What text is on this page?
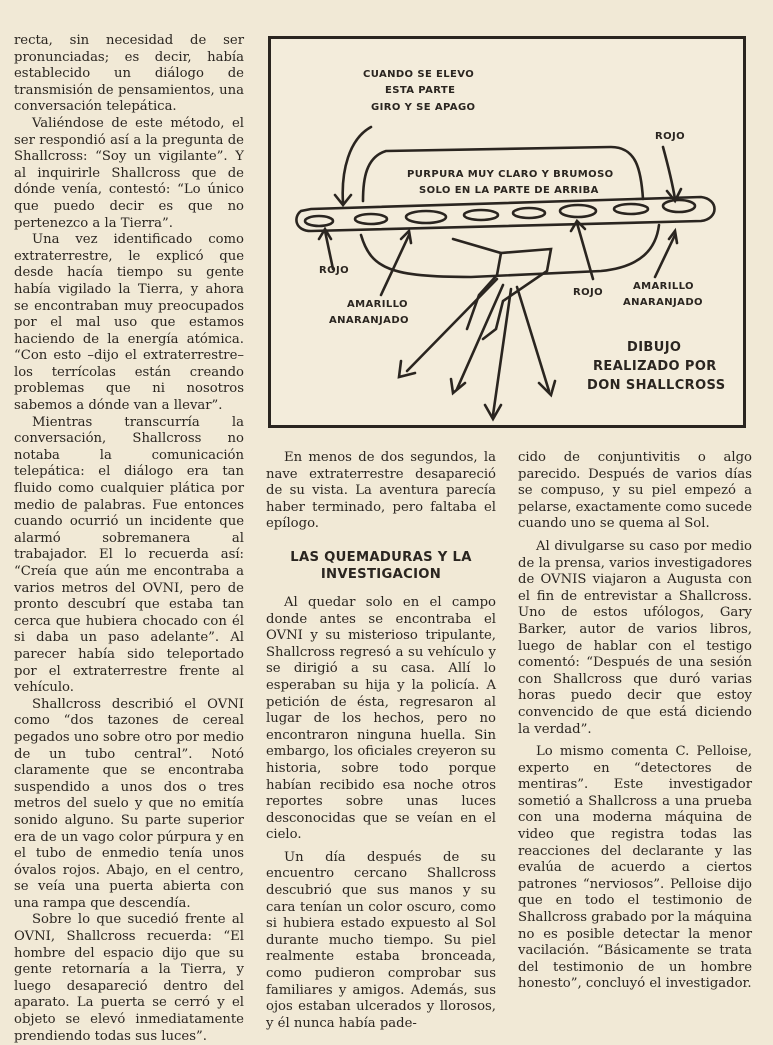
recta, sin necesidad de ser pronunciadas; es decir, había establecido un diálogo de transmisión de pensamientos, una conversación telepática.

Valiéndose de este método, el ser respondió así a la pregunta de Shallcross: “Soy un vigilante”. Y al inquirirle Shallcross que de dónde venía, contestó: “Lo único que puedo decir es que no pertenezco a la Tierra”.

Una vez identificado como extraterrestre, le explicó que desde hacía tiempo su gente había vigilado la Tierra, y ahora se encontraban muy preocupados por el mal uso que estamos haciendo de la energía atómica. “Con esto –dijo el extraterrestre– los terrícolas están creando problemas que ni nosotros sabemos a dónde van a llevar”.

Mientras transcurría la conversación, Shallcross no notaba la comunicación telepática: el diálogo era tan fluido como cualquier plática por medio de palabras. Fue entonces cuando ocurrió un incidente que alarmó sobremanera al trabajador. El lo recuerda así: “Creía que aún me encontraba a varios metros del OVNI, pero de pronto descubrí que estaba tan cerca que hubiera chocado con él si daba un paso adelante”. Al parecer había sido teleportado por el extraterrestre frente al vehículo.

Shallcross describió el OVNI como “dos tazones de cereal pegados uno sobre otro por medio de un tubo central”. Notó claramente que se encontraba suspendido a unos dos o tres metros del suelo y que no emitía sonido alguno. Su parte superior era de un vago color púrpura y en el tubo de enmedio tenía unos óvalos rojos. Abajo, en el centro, se veía una puerta abierta con una rampa que descendía.

Sobre lo que sucedió frente al OVNI, Shallcross recuerda: “El hombre del espacio dijo que su gente retornaría a la Tierra, y luego desapareció dentro del aparato. La puerta se cerró y el objeto se elevó inmediatamente prendiendo todas sus luces”.

CUANDO SE ELEVO
ESTA PARTE
GIRO Y SE APAGO
PURPURA MUY CLARO Y BRUMOSO
SOLO EN LA PARTE DE ARRIBA
ROJO
ROJO
ROJO
AMARILLO
ANARANJADO
AMARILLO
ANARANJADO
DIBUJO
REALIZADO POR
DON SHALLCROSS

En menos de dos segundos, la nave extraterrestre desapareció de su vista. La aventura parecía haber terminado, pero faltaba el epílogo.

LAS QUEMADURAS Y LA INVESTIGACION

Al quedar solo en el campo donde antes se encontraba el OVNI y su misterioso tripulante, Shallcross regresó a su vehículo y se dirigió a su casa. Allí lo esperaban su hija y la policía. A petición de ésta, regresaron al lugar de los hechos, pero no encontraron ninguna huella. Sin embargo, los oficiales creyeron su historia, sobre todo porque habían recibido esa noche otros reportes sobre unas luces desconocidas que se veían en el cielo.

Un día después de su encuentro cercano Shallcross descubrió que sus manos y su cara tenían un color oscuro, como si hubiera estado expuesto al Sol durante mucho tiempo. Su piel realmente estaba bronceada, como pudieron comprobar sus familiares y amigos. Además, sus ojos estaban ulcerados y llorosos, y él nunca había pade-

cido de conjuntivitis o algo parecido. Después de varios días se compuso, y su piel empezó a pelarse, exactamente como sucede cuando uno se quema al Sol.

Al divulgarse su caso por medio de la prensa, varios investigadores de OVNIS viajaron a Augusta con el fin de entrevistar a Shallcross. Uno de estos ufólogos, Gary Barker, autor de varios libros, luego de hablar con el testigo comentó: “Después de una sesión con Shallcross que duró varias horas puedo decir que estoy convencido de que está diciendo la verdad”.

Lo mismo comenta C. Pelloise, experto en “detectores de mentiras”. Este investigador sometió a Shallcross a una prueba con una moderna máquina de video que registra todas las reacciones del declarante y las evalúa de acuerdo a ciertos patrones “nerviosos”. Pelloise dijo que en todo el testimonio de Shallcross grabado por la máquina no es posible detectar la menor vacilación. “Básicamente se trata del testimonio de un hombre honesto”, concluyó el investigador.
